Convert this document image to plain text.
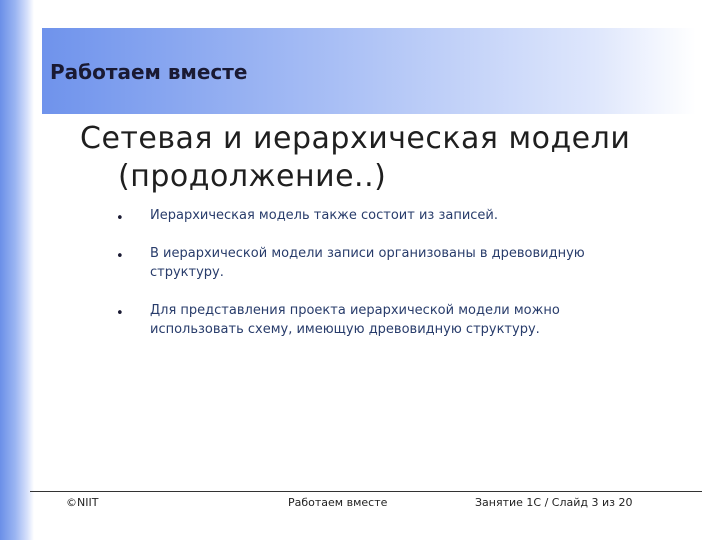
Работаем вместе
Сетевая и иерархическая модели
(продолжение..)
• Иерархическая модель также состоит из записей.
• В иерархической модели записи организованы в древовидную структуру.
• Для представления проекта иерархической модели можно использовать схему, имеющую древовидную структуру.
©NIIT	Работаем вместе	Занятие 1C / Слайд 3 из 20
